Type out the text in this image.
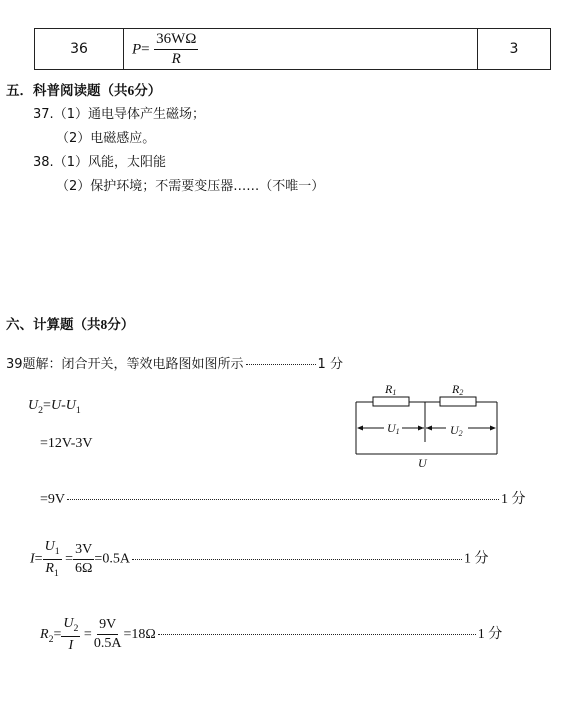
36	$P= \frac{36W\Omega}{R}$	3
五．科普阅读题（共6分）
37.（1）通电导体产生磁场；
（2）电磁感应。
38.（1）风能，太阳能
（2）保护环境；不需要变压器……（不唯一）
六、计算题（共8分）
39题解：闭合开关，等效电路图如图所示	1 分
$U_2=U-U_1$
=12V-3V
=9V	1 分
$I= \frac{U_1}{R_1} = \frac{3V}{6\Omega} =0.5A$	1 分
$R_2= \frac{U_2}{I} = \frac{9V}{0.5A} =18\Omega$	1 分
R1	R2
U1	U2
U
